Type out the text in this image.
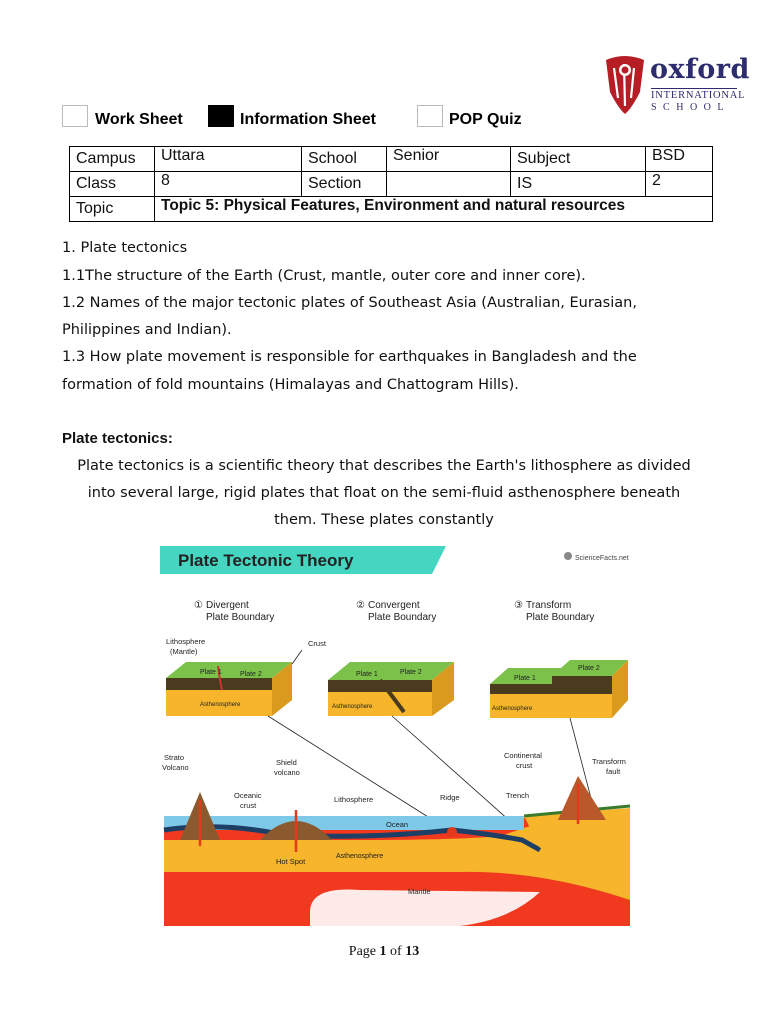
oxford
INTERNATIONAL
SCHOOL
Work Sheet	Information Sheet	POP Quiz
Campus	Uttara	School	Senior	Subject	BSD
Class	8	Section		IS	2
Topic	Topic 5: Physical Features, Environment and natural resources				
1. Plate tectonics
1.1The structure of the Earth (Crust, mantle, outer core and inner core).
1.2 Names of the major tectonic plates of Southeast Asia (Australian, Eurasian,
Philippines and Indian).
1.3 How plate movement is responsible for earthquakes in Bangladesh and the
formation of fold mountains (Himalayas and Chattogram Hills).
Plate tectonics:
Plate tectonics is a scientific theory that describes the Earth's lithosphere as divided
into several large, rigid plates that float on the semi-fluid asthenosphere beneath
them. These plates constantly
Plate Tectonic Theory	ScienceFacts.net
① Divergent
Plate Boundary
② Convergent
Plate Boundary
③ Transform
Plate Boundary
Lithosphere
(Mantle)
Crust
Plate 1	Plate 2
Asthenosphere
Plate 1	Plate 2
Asthenosphere
Plate 1
Plate 2
Asthenosphere
Strato
Volcano
Shield
volcano
Oceanic
crust
Lithosphere	Ridge	Trench
Continental
crust	Transform
fault
Ocean
Asthenosphere
Hot Spot
Mantle
Page 1 of 13
